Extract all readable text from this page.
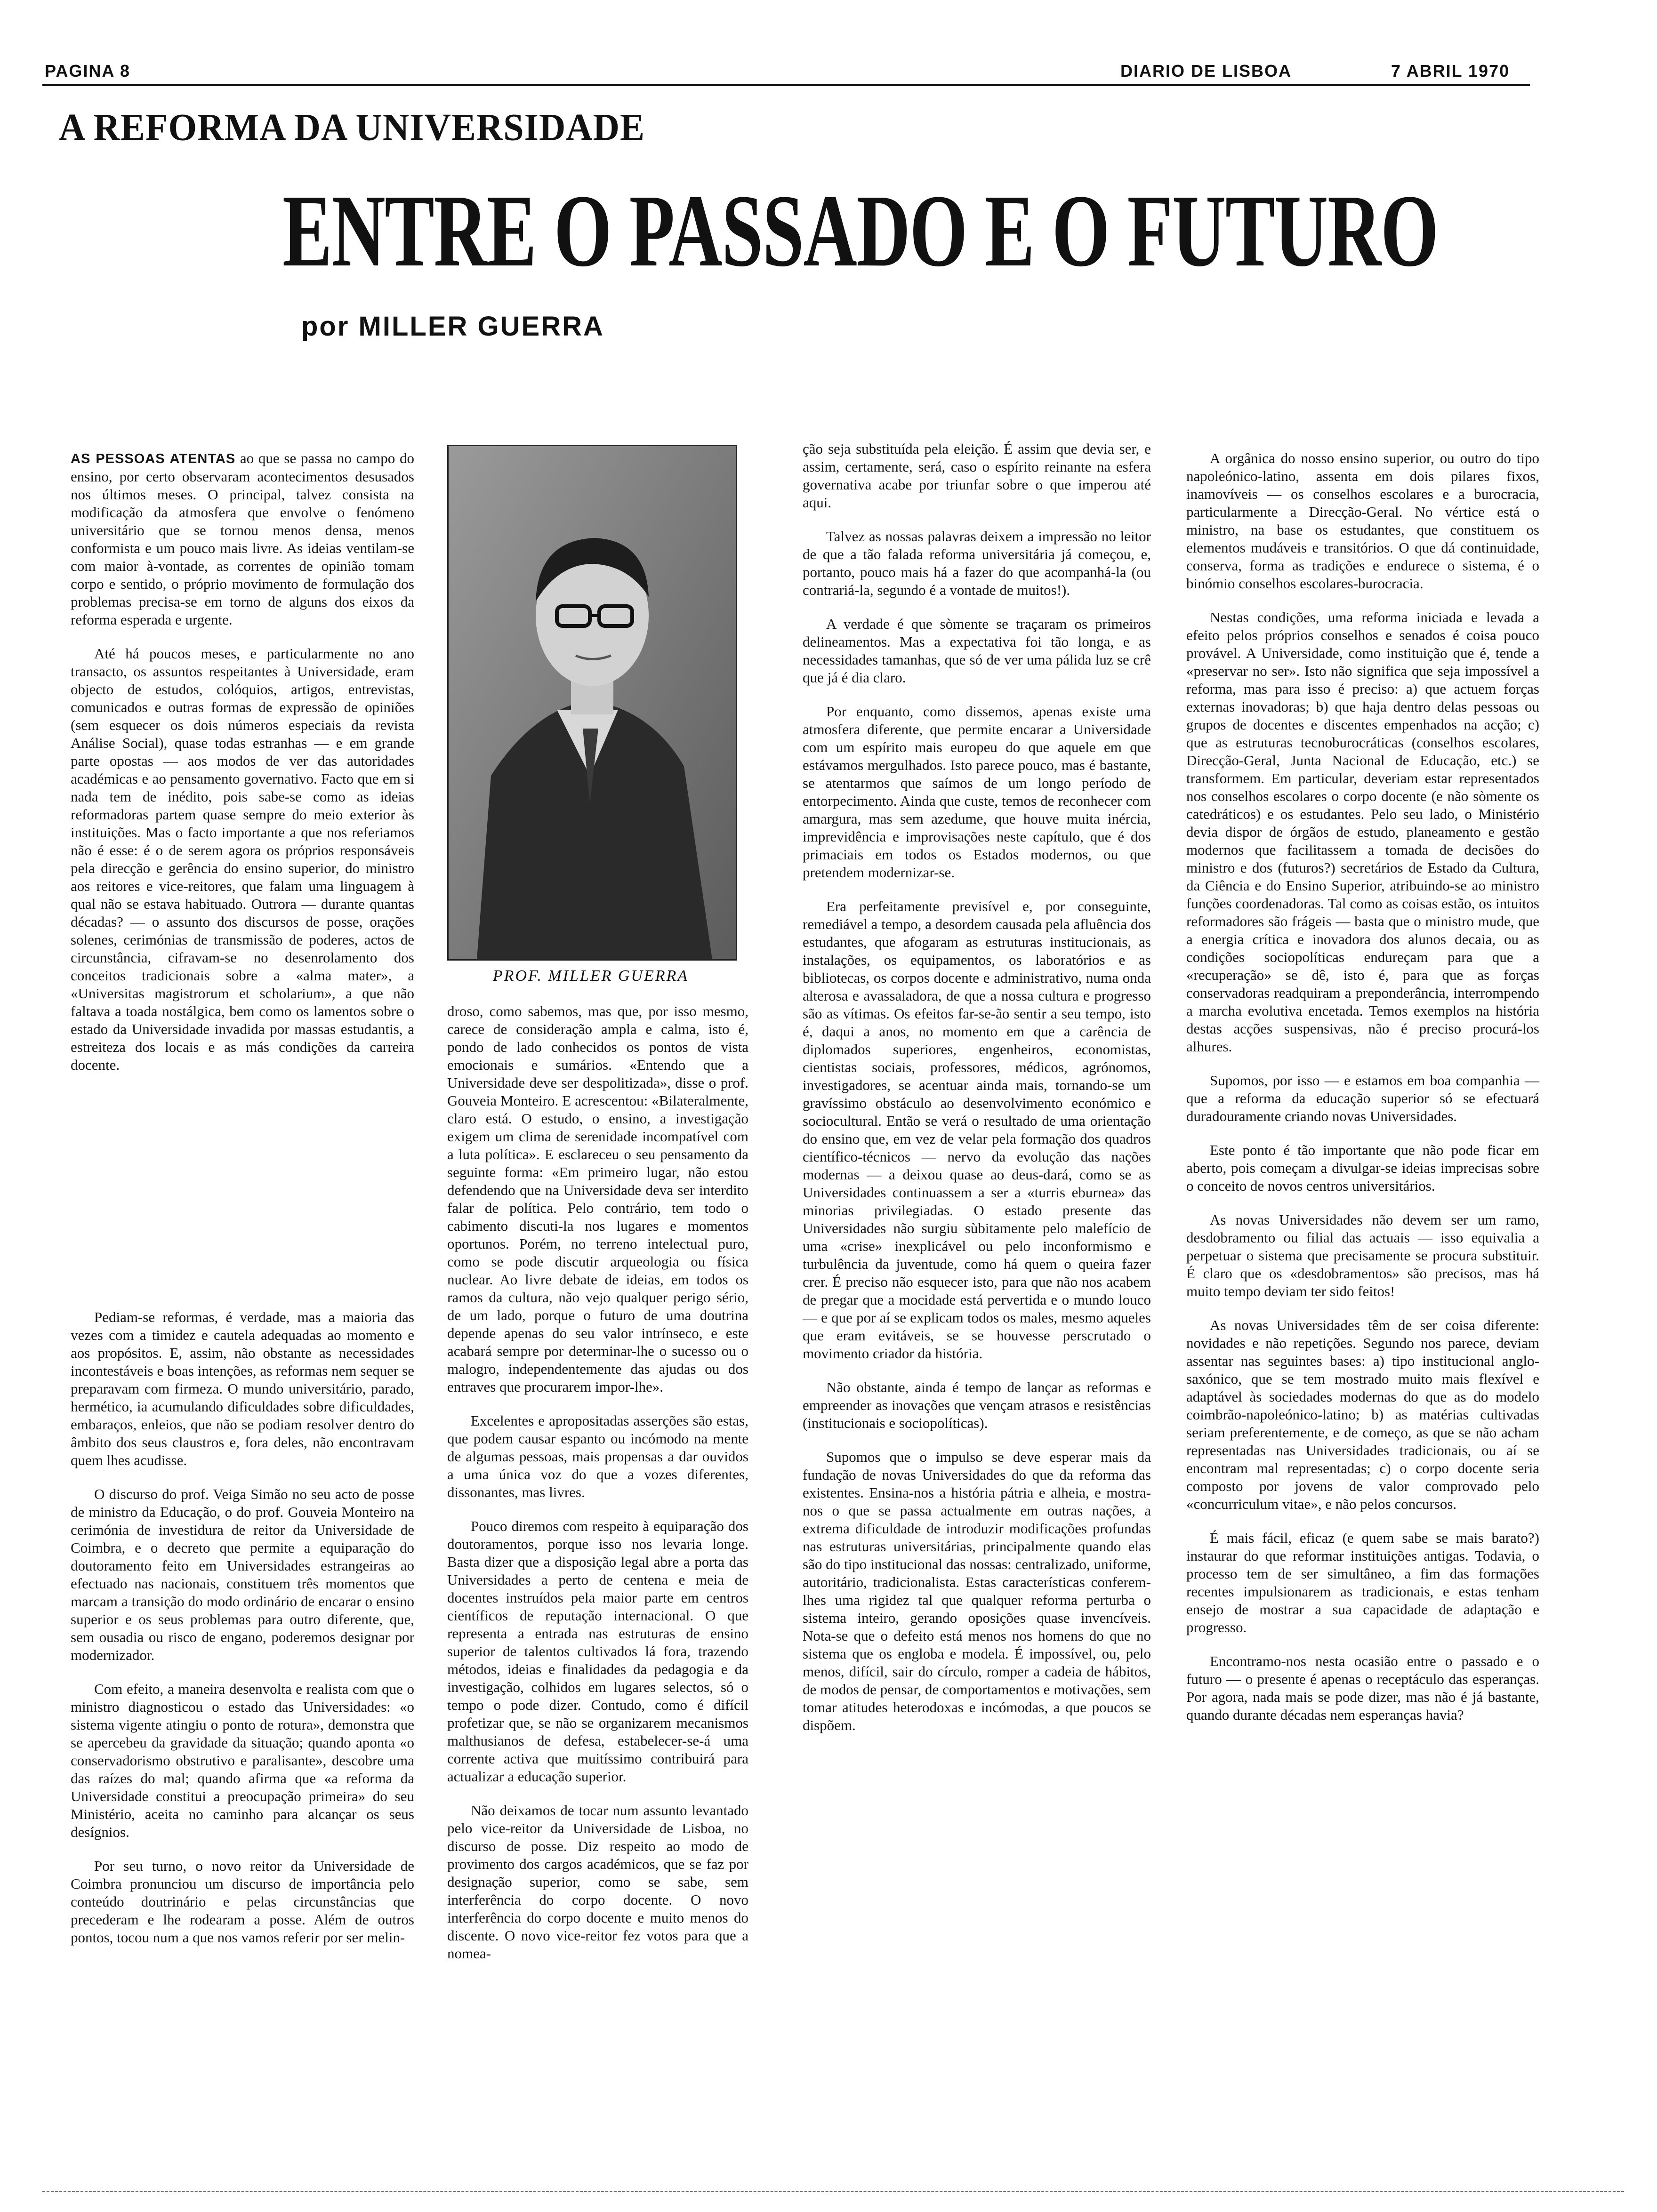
PAGINA 8	DIARIO DE LISBOA	7 ABRIL 1970
A REFORMA DA UNIVERSIDADE
ENTRE O PASSADO E O FUTURO
por MILLER GUERRA
PROF. MILLER GUERRA

AS PESSOAS ATENTAS ao que se passa no campo do ensino, por certo observaram acontecimentos desusados nos últimos meses. O principal, talvez consista na modificação da atmosfera que envolve o fenómeno universitário que se tornou menos densa, menos conformista e um pouco mais livre. As ideias ventilam-se com maior à-vontade, as correntes de opinião tomam corpo e sentido, o próprio movimento de formulação dos problemas precisa-se em torno de alguns dos eixos da reforma esperada e urgente.

Até há poucos meses, e particularmente no ano transacto, os assuntos respeitantes à Universidade, eram objecto de estudos, colóquios, artigos, entrevistas, comunicados e outras formas de expressão de opiniões (sem esquecer os dois números especiais da revista Análise Social), quase todas estranhas — e em grande parte opostas — aos modos de ver das autoridades académicas e ao pensamento governativo. Facto que em si nada tem de inédito, pois sabe-se como as ideias reformadoras partem quase sempre do meio exterior às instituições. Mas o facto importante a que nos referiamos não é esse: é o de serem agora os próprios responsáveis pela direcção e gerência do ensino superior, do ministro aos reitores e vice-reitores, que falam uma linguagem à qual não se estava habituado. Outrora — durante quantas décadas? — o assunto dos discursos de posse, orações solenes, cerimónias de transmissão de poderes, actos de circunstância, cifravam-se no desenrolamento dos conceitos tradicionais sobre a «alma mater», a «Universitas magistrorum et scholarium», a que não faltava a toada nostálgica, bem como os lamentos sobre o estado da Universidade invadida por massas estudantis, a estreiteza dos locais e as más condições da carreira docente.

Pediam-se reformas, é verdade, mas a maioria das vezes com a timidez e cautela adequadas ao momento e aos propósitos. E, assim, não obstante as necessidades incontestáveis e boas intenções, as reformas nem sequer se preparavam com firmeza. O mundo universitário, parado, hermético, ia acumulando dificuldades sobre dificuldades, embaraços, enleios, que não se podiam resolver dentro do âmbito dos seus claustros e, fora deles, não encontravam quem lhes acudisse.

O discurso do prof. Veiga Simão no seu acto de posse de ministro da Educação, o do prof. Gouveia Monteiro na cerimónia de investidura de reitor da Universidade de Coimbra, e o decreto que permite a equiparação do doutoramento feito em Universidades estrangeiras ao efectuado nas nacionais, constituem três momentos que marcam a transição do modo ordinário de encarar o ensino superior e os seus problemas para outro diferente, que, sem ousadia ou risco de engano, poderemos designar por modernizador.

Com efeito, a maneira desenvolta e realista com que o ministro diagnosticou o estado das Universidades: «o sistema vigente atingiu o ponto de rotura», demonstra que se apercebeu da gravidade da situação; quando aponta «o conservadorismo obstrutivo e paralisante», descobre uma das raízes do mal; quando afirma que «a reforma da Universidade constitui a preocupação primeira» do seu Ministério, aceita no caminho para alcançar os seus desígnios.

Por seu turno, o novo reitor da Universidade de Coimbra pronunciou um discurso de importância pelo conteúdo doutrinário e pelas circunstâncias que precederam e lhe rodearam a posse. Além de outros pontos, tocou num a que nos vamos referir por ser melin-

droso, como sabemos, mas que, por isso mesmo, carece de consideração ampla e calma, isto é, pondo de lado conhecidos os pontos de vista emocionais e sumários. «Entendo que a Universidade deve ser despolitizada», disse o prof. Gouveia Monteiro. E acrescentou: «Bilateralmente, claro está. O estudo, o ensino, a investigação exigem um clima de serenidade incompatível com a luta política». E esclareceu o seu pensamento da seguinte forma: «Em primeiro lugar, não estou defendendo que na Universidade deva ser interdito falar de política. Pelo contrário, tem todo o cabimento discuti-la nos lugares e momentos oportunos. Porém, no terreno intelectual puro, como se pode discutir arqueologia ou física nuclear. Ao livre debate de ideias, em todos os ramos da cultura, não vejo qualquer perigo sério, de um lado, porque o futuro de uma doutrina depende apenas do seu valor intrínseco, e este acabará sempre por determinar-lhe o sucesso ou o malogro, independentemente das ajudas ou dos entraves que procurarem impor-lhe».

Excelentes e apropositadas asserções são estas, que podem causar espanto ou incómodo na mente de algumas pessoas, mais propensas a dar ouvidos a uma única voz do que a vozes diferentes, dissonantes, mas livres.

Pouco diremos com respeito à equiparação dos doutoramentos, porque isso nos levaria longe. Basta dizer que a disposição legal abre a porta das Universidades a perto de centena e meia de docentes instruídos pela maior parte em centros científicos de reputação internacional. O que representa a entrada nas estruturas de ensino superior de talentos cultivados lá fora, trazendo métodos, ideias e finalidades da pedagogia e da investigação, colhidos em lugares selectos, só o tempo o pode dizer. Contudo, como é difícil profetizar que, se não se organizarem mecanismos malthusianos de defesa, estabelecer-se-á uma corrente activa que muitíssimo contribuirá para actualizar a educação superior.

Não deixamos de tocar num assunto levantado pelo vice-reitor da Universidade de Lisboa, no discurso de posse. Diz respeito ao modo de provimento dos cargos académicos, que se faz por designação superior, como se sabe, sem interferência do corpo docente. O novo interferência do corpo docente e muito menos do discente. O novo vice-reitor fez votos para que a nomea-

ção seja substituída pela eleição. É assim que devia ser, e assim, certamente, será, caso o espírito reinante na esfera governativa acabe por triunfar sobre o que imperou até aqui.

Talvez as nossas palavras deixem a impressão no leitor de que a tão falada reforma universitária já começou, e, portanto, pouco mais há a fazer do que acompanhá-la (ou contrariá-la, segundo é a vontade de muitos!).

A verdade é que sòmente se traçaram os primeiros delineamentos. Mas a expectativa foi tão longa, e as necessidades tamanhas, que só de ver uma pálida luz se crê que já é dia claro.

Por enquanto, como dissemos, apenas existe uma atmosfera diferente, que permite encarar a Universidade com um espírito mais europeu do que aquele em que estávamos mergulhados. Isto parece pouco, mas é bastante, se atentarmos que saímos de um longo período de entorpecimento. Ainda que custe, temos de reconhecer com amargura, mas sem azedume, que houve muita inércia, imprevidência e improvisações neste capítulo, que é dos primaciais em todos os Estados modernos, ou que pretendem modernizar-se.

Era perfeitamente previsível e, por conseguinte, remediável a tempo, a desordem causada pela afluência dos estudantes, que afogaram as estruturas institucionais, as instalações, os equipamentos, os laboratórios e as bibliotecas, os corpos docente e administrativo, numa onda alterosa e avassaladora, de que a nossa cultura e progresso são as vítimas. Os efeitos far-se-ão sentir a seu tempo, isto é, daqui a anos, no momento em que a carência de diplomados superiores, engenheiros, economistas, cientistas sociais, professores, médicos, agrónomos, investigadores, se acentuar ainda mais, tornando-se um gravíssimo obstáculo ao desenvolvimento económico e sociocultural. Então se verá o resultado de uma orientação do ensino que, em vez de velar pela formação dos quadros científico-técnicos — nervo da evolução das nações modernas — a deixou quase ao deus-dará, como se as Universidades continuassem a ser a «turris eburnea» das minorias privilegiadas. O estado presente das Universidades não surgiu sùbitamente pelo malefício de uma «crise» inexplicável ou pelo inconformismo e turbulência da juventude, como há quem o queira fazer crer. É preciso não esquecer isto, para que não nos acabem de pregar que a mocidade está pervertida e o mundo louco — e que por aí se explicam todos os males, mesmo aqueles que eram evitáveis, se se houvesse perscrutado o movimento criador da história.

Não obstante, ainda é tempo de lançar as reformas e empreender as inovações que vençam atrasos e resistências (institucionais e sociopolíticas).

Supomos que o impulso se deve esperar mais da fundação de novas Universidades do que da reforma das existentes. Ensina-nos a história pátria e alheia, e mostra-nos o que se passa actualmente em outras nações, a extrema dificuldade de introduzir modificações profundas nas estruturas universitárias, principalmente quando elas são do tipo institucional das nossas: centralizado, uniforme, autoritário, tradicionalista. Estas características conferem-lhes uma rigidez tal que qualquer reforma perturba o sistema inteiro, gerando oposições quase invencíveis. Nota-se que o defeito está menos nos homens do que no sistema que os engloba e modela. É impossível, ou, pelo menos, difícil, sair do círculo, romper a cadeia de hábitos, de modos de pensar, de comportamentos e motivações, sem tomar atitudes heterodoxas e incómodas, a que poucos se dispõem.

A orgânica do nosso ensino superior, ou outro do tipo napoleónico-latino, assenta em dois pilares fixos, inamovíveis — os conselhos escolares e a burocracia, particularmente a Direcção-Geral. No vértice está o ministro, na base os estudantes, que constituem os elementos mudáveis e transitórios. O que dá continuidade, conserva, forma as tradições e endurece o sistema, é o binómio conselhos escolares-burocracia.

Nestas condições, uma reforma iniciada e levada a efeito pelos próprios conselhos e senados é coisa pouco provável. A Universidade, como instituição que é, tende a «preservar no ser». Isto não significa que seja impossível a reforma, mas para isso é preciso: a) que actuem forças externas inovadoras; b) que haja dentro delas pessoas ou grupos de docentes e discentes empenhados na acção; c) que as estruturas tecnoburocráticas (conselhos escolares, Direcção-Geral, Junta Nacional de Educação, etc.) se transformem. Em particular, deveriam estar representados nos conselhos escolares o corpo docente (e não sòmente os catedráticos) e os estudantes. Pelo seu lado, o Ministério devia dispor de órgãos de estudo, planeamento e gestão modernos que facilitassem a tomada de decisões do ministro e dos (futuros?) secretários de Estado da Cultura, da Ciência e do Ensino Superior, atribuindo-se ao ministro funções coordenadoras. Tal como as coisas estão, os intuitos reformadores são frágeis — basta que o ministro mude, que a energia crítica e inovadora dos alunos decaia, ou as condições sociopolíticas endureçam para que a «recuperação» se dê, isto é, para que as forças conservadoras readquiram a preponderância, interrompendo a marcha evolutiva encetada. Temos exemplos na história destas acções suspensivas, não é preciso procurá-los alhures.

Supomos, por isso — e estamos em boa companhia — que a reforma da educação superior só se efectuará duradouramente criando novas Universidades.

Este ponto é tão importante que não pode ficar em aberto, pois começam a divulgar-se ideias imprecisas sobre o conceito de novos centros universitários.

As novas Universidades não devem ser um ramo, desdobramento ou filial das actuais — isso equivalia a perpetuar o sistema que precisamente se procura substituir. É claro que os «desdobramentos» são precisos, mas há muito tempo deviam ter sido feitos!

As novas Universidades têm de ser coisa diferente: novidades e não repetições. Segundo nos parece, deviam assentar nas seguintes bases: a) tipo institucional anglo-saxónico, que se tem mostrado muito mais flexível e adaptável às sociedades modernas do que as do modelo coimbrão-napoleónico-latino; b) as matérias cultivadas seriam preferentemente, e de começo, as que se não acham representadas nas Universidades tradicionais, ou aí se encontram mal representadas; c) o corpo docente seria composto por jovens de valor comprovado pelo «concurriculum vitae», e não pelos concursos.

É mais fácil, eficaz (e quem sabe se mais barato?) instaurar do que reformar instituições antigas. Todavia, o processo tem de ser simultâneo, a fim das formações recentes impulsionarem as tradicionais, e estas tenham ensejo de mostrar a sua capacidade de adaptação e progresso.

Encontramo-nos nesta ocasião entre o passado e o futuro — o presente é apenas o receptáculo das esperanças. Por agora, nada mais se pode dizer, mas não é já bastante, quando durante décadas nem esperanças havia?
